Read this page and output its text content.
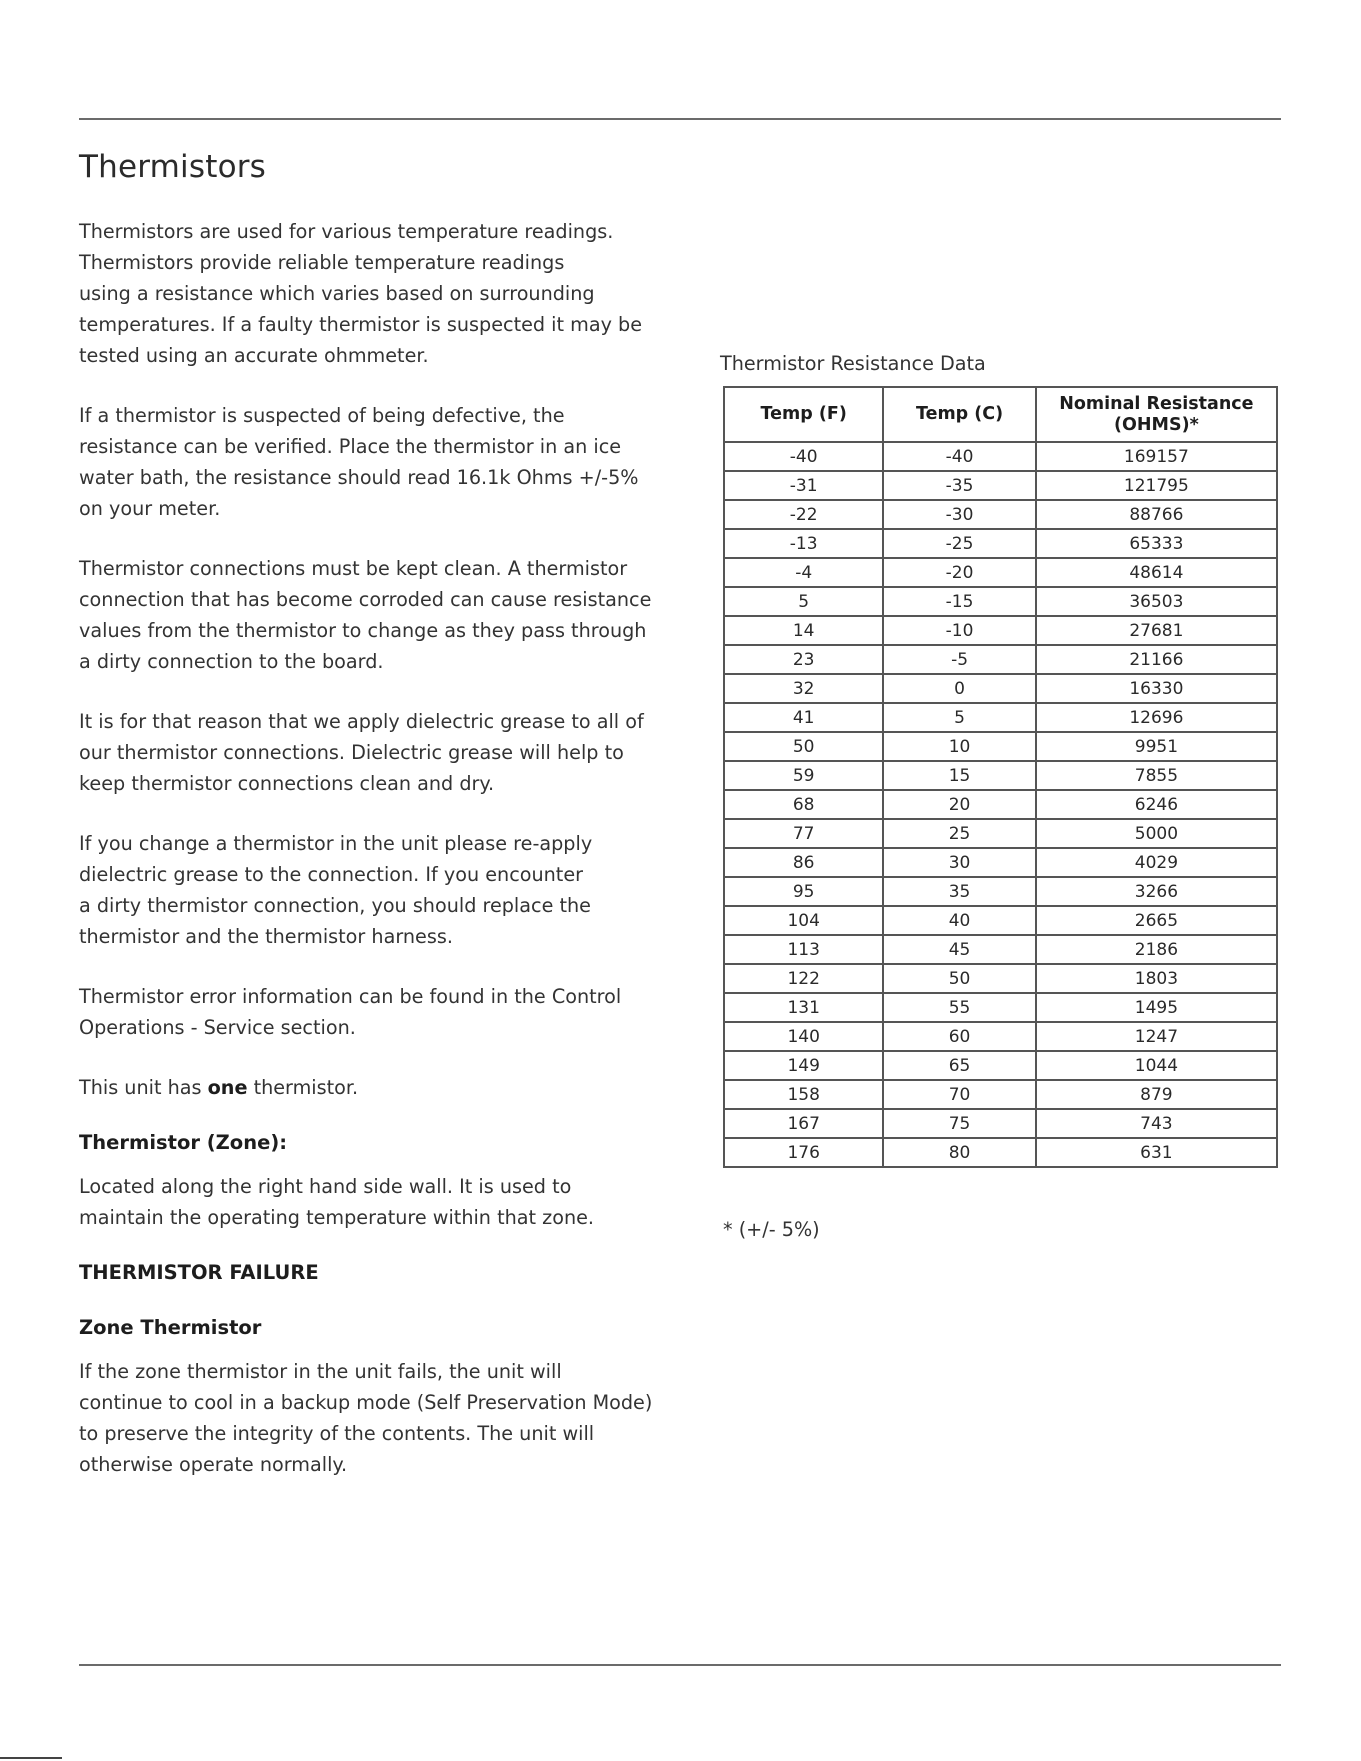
Thermistors
Thermistors are used for various temperature readings.
Thermistors provide reliable temperature readings
using a resistance which varies based on surrounding
temperatures. If a faulty thermistor is suspected it may be
tested using an accurate ohmmeter.
If a thermistor is suspected of being defective, the
resistance can be verified. Place the thermistor in an ice
water bath, the resistance should read 16.1k Ohms +/-5%
on your meter.
Thermistor connections must be kept clean. A thermistor
connection that has become corroded can cause resistance
values from the thermistor to change as they pass through
a dirty connection to the board.
It is for that reason that we apply dielectric grease to all of
our thermistor connections. Dielectric grease will help to
keep thermistor connections clean and dry.
If you change a thermistor in the unit please re-apply
dielectric grease to the connection. If you encounter
a dirty thermistor connection, you should replace the
thermistor and the thermistor harness.
Thermistor error information can be found in the Control
Operations - Service section.

This unit has one thermistor.

Thermistor (Zone):

Located along the right hand side wall. It is used to
maintain the operating temperature within that zone.

THERMISTOR FAILURE

Zone Thermistor

If the zone thermistor in the unit fails, the unit will
continue to cool in a backup mode (Self Preservation Mode)
to preserve the integrity of the contents. The unit will
otherwise operate normally.

Thermistor Resistance Data

Temp (F)	Temp (C)	Nominal Resistance
(OHMS)*
-40	-40	169157
-31	-35	121795
-22	-30	88766
-13	-25	65333
-4	-20	48614
5	-15	36503
14	-10	27681
23	-5	21166
32	0	16330
41	5	12696
50	10	9951
59	15	7855
68	20	6246
77	25	5000
86	30	4029
95	35	3266
104	40	2665
113	45	2186
122	50	1803
131	55	1495
140	60	1247
149	65	1044
158	70	879
167	75	743
176	80	631

* (+/- 5%)
